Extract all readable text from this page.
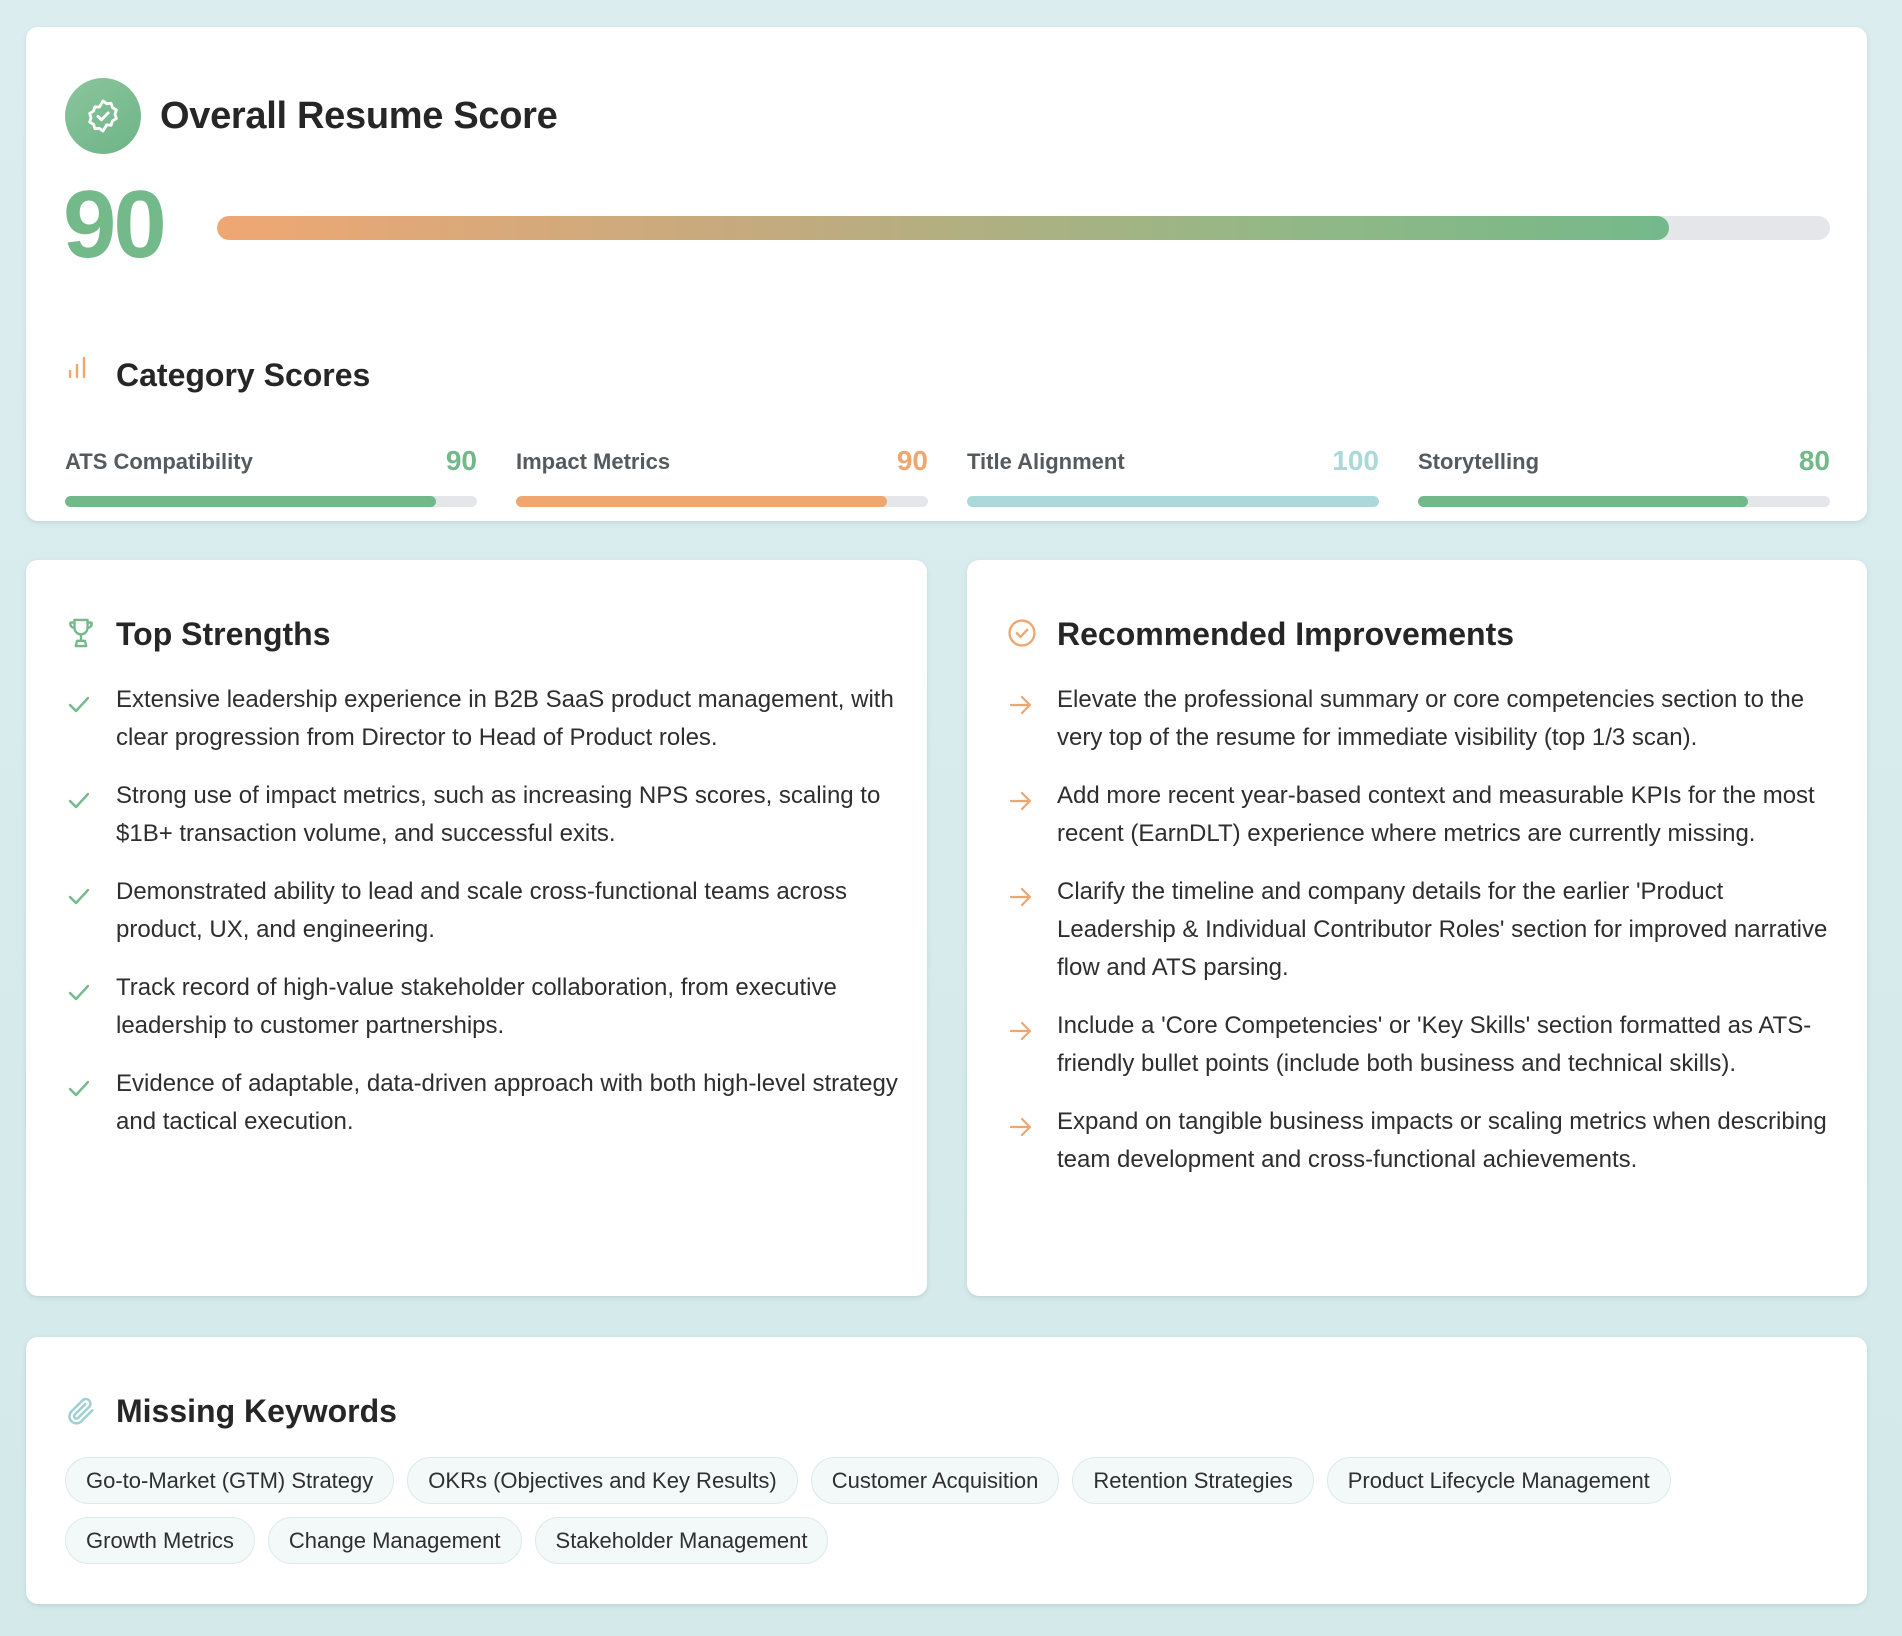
Overall Resume Score
90
Category Scores
ATS Compatibility	90 Impact Metrics	90 Title Alignment	100 Storytelling	80
Top Strengths
Extensive leadership experience in B2B SaaS product management, with clear progression from Director to Head of Product roles.
Strong use of impact metrics, such as increasing NPS scores, scaling to $1B+ transaction volume, and successful exits.
Demonstrated ability to lead and scale cross-functional teams across product, UX, and engineering.
Track record of high-value stakeholder collaboration, from executive leadership to customer partnerships.
Evidence of adaptable, data-driven approach with both high-level strategy and tactical execution.
Recommended Improvements
Elevate the professional summary or core competencies section to the very top of the resume for immediate visibility (top 1/3 scan).
Add more recent year-based context and measurable KPIs for the most recent (EarnDLT) experience where metrics are currently missing.
Clarify the timeline and company details for the earlier 'Product Leadership & Individual Contributor Roles' section for improved narrative flow and ATS parsing.
Include a 'Core Competencies' or 'Key Skills' section formatted as ATS-friendly bullet points (include both business and technical skills).
Expand on tangible business impacts or scaling metrics when describing team development and cross-functional achievements.
Missing Keywords
Go-to-Market (GTM) Strategy	OKRs (Objectives and Key Results)	Customer Acquisition	Retention Strategies	Product Lifecycle Management
Growth Metrics	Change Management	Stakeholder Management
